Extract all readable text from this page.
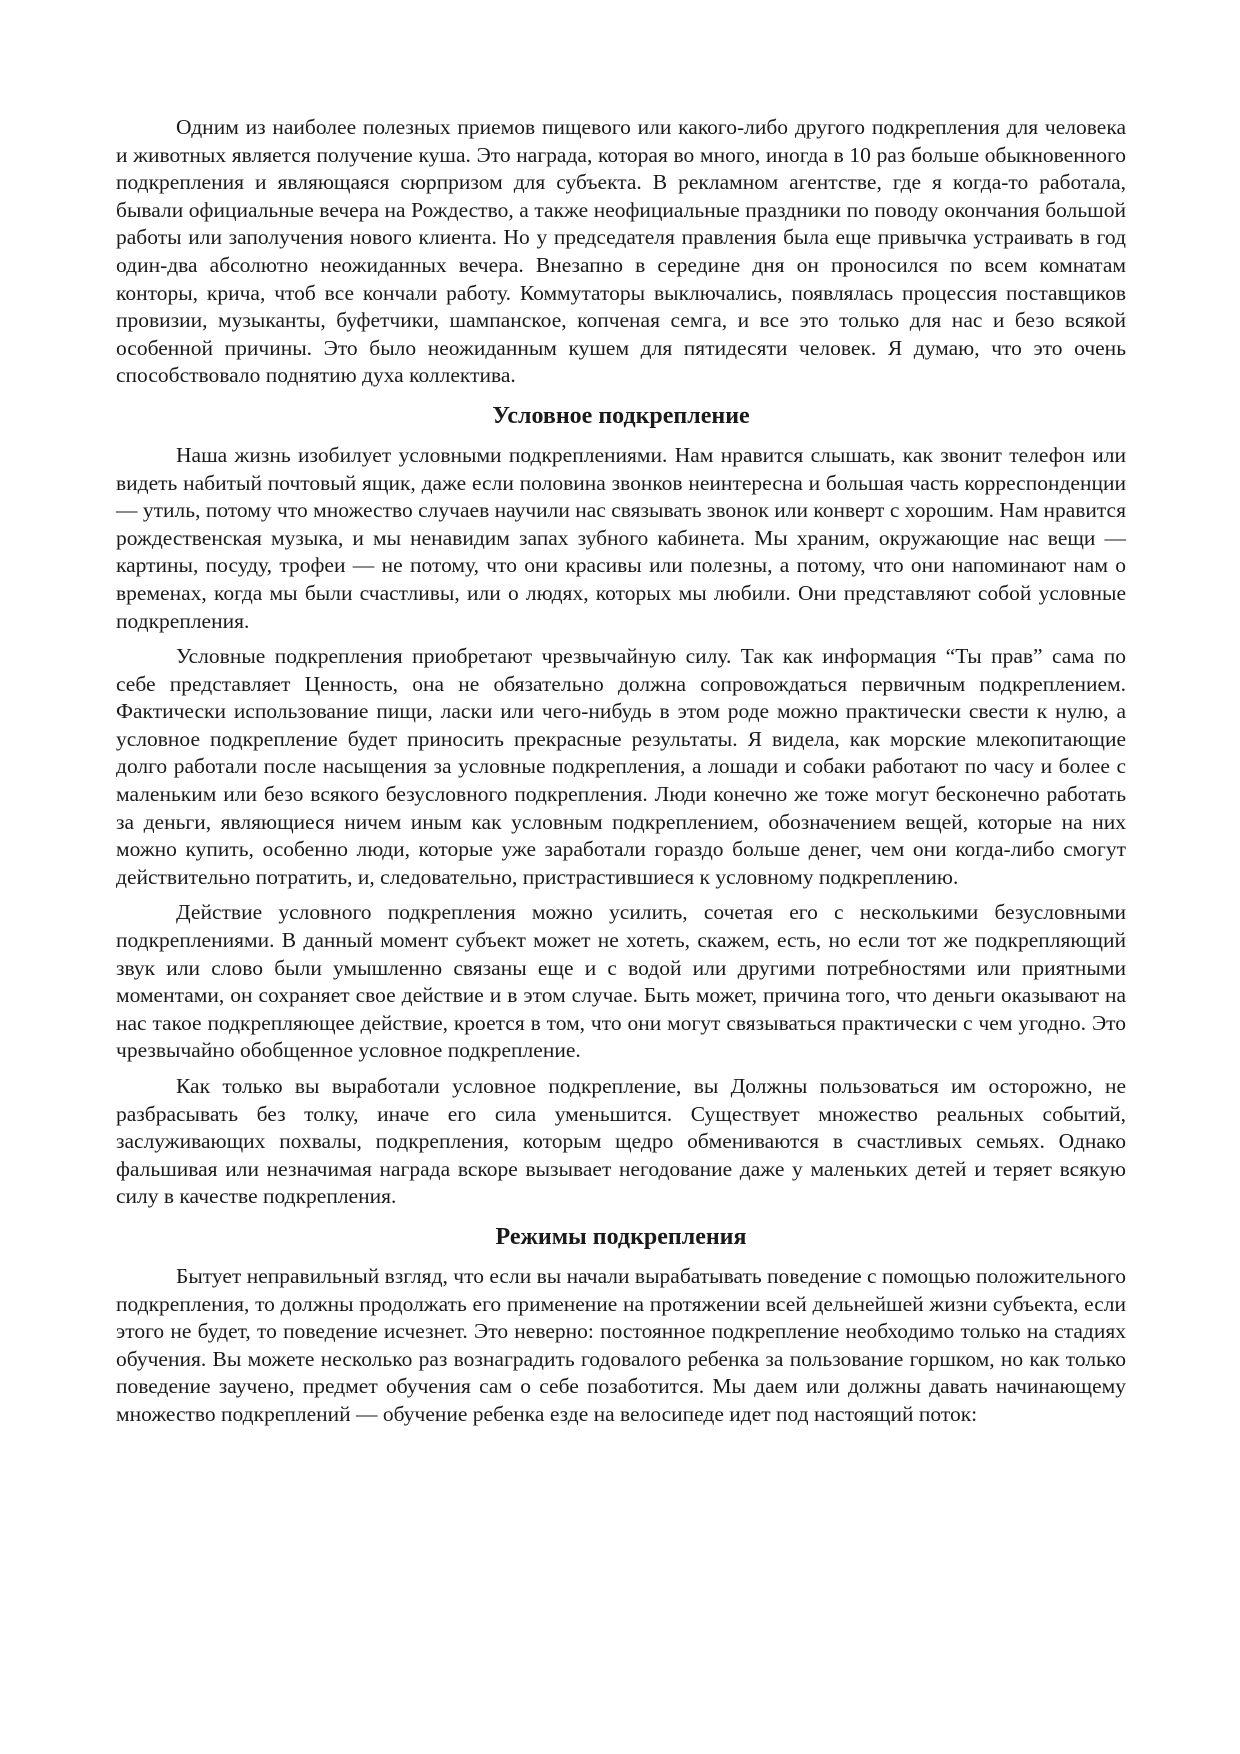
Одним из наиболее полезных приемов пищевого или какого-либо другого подкрепления для человека и животных является получение куша. Это награда, которая во много, иногда в 10 раз больше обыкновенного подкрепления и являющаяся сюрпризом для субъекта. В рекламном агентстве, где я когда-то работала, бывали официальные вечера на Рождество, а также неофициальные праздники по поводу окончания большой работы или заполучения нового клиента. Но у председателя правления была еще привычка устраивать в год один-два абсолютно неожиданных вечера. Внезапно в середине дня он проносился по всем комнатам конторы, крича, чтоб все кончали работу. Коммутаторы выключались, появлялась процессия поставщиков провизии, музыканты, буфетчики, шампанское, копченая семга, и все это только для нас и безо всякой особенной причины. Это было неожиданным кушем для пятидесяти человек. Я думаю, что это очень способствовало поднятию духа коллектива.

Условное подкрепление

Наша жизнь изобилует условными подкреплениями. Нам нравится слышать, как звонит телефон или видеть набитый почтовый ящик, даже если половина звонков неинтересна и большая часть корреспонденции — утиль, потому что множество случаев научили нас связывать звонок или конверт с хорошим. Нам нравится рождественская музыка, и мы ненавидим запах зубного кабинета. Мы храним, окружающие нас вещи — картины, посуду, трофеи — не потому, что они красивы или полезны, а потому, что они напоминают нам о временах, когда мы были счастливы, или о людях, которых мы любили. Они представляют собой условные подкрепления.

Условные подкрепления приобретают чрезвычайную силу. Так как информация “Ты прав” сама по себе представляет Ценность, она не обязательно должна сопровождаться первичным подкреплением. Фактически использование пищи, ласки или чего-нибудь в этом роде можно практически свести к нулю, а условное подкрепление будет приносить прекрасные результаты. Я видела, как морские млекопитающие долго работали после насыщения за условные подкрепления, а лошади и собаки работают по часу и более с маленьким или безо всякого безусловного подкрепления. Люди конечно же тоже могут бесконечно работать за деньги, являющиеся ничем иным как условным подкреплением, обозначением вещей, которые на них можно купить, особенно люди, которые уже заработали гораздо больше денег, чем они когда-либо смогут действительно потратить, и, следовательно, пристрастившиеся к условному подкреплению.

Действие условного подкрепления можно усилить, сочетая его с несколькими безусловными подкреплениями. В данный момент субъект может не хотеть, скажем, есть, но если тот же подкрепляющий звук или слово были умышленно связаны еще и с водой или другими потребностями или приятными моментами, он сохраняет свое действие и в этом случае. Быть может, причина того, что деньги оказывают на нас такое подкрепляющее действие, кроется в том, что они могут связываться практически с чем угодно. Это чрезвычайно обобщенное условное подкрепление.

Как только вы выработали условное подкрепление, вы Должны пользоваться им осторожно, не разбрасывать без толку, иначе его сила уменьшится. Существует множество реальных событий, заслуживающих похвалы, подкрепления, которым щедро обмениваются в счастливых семьях. Однако фальшивая или незначимая награда вскоре вызывает негодование даже у маленьких детей и теряет всякую силу в качестве подкрепления.

Режимы подкрепления

Бытует неправильный взгляд, что если вы начали вырабатывать поведение с помощью положительного подкрепления, то должны продолжать его применение на протяжении всей дельнейшей жизни субъекта, если этого не будет, то поведение исчезнет. Это неверно: постоянное подкрепление необходимо только на стадиях обучения. Вы можете несколько раз вознаградить годовалого ребенка за пользование горшком, но как только поведение заучено, предмет обучения сам о себе позаботится. Мы даем или должны давать начинающему множество подкреплений — обучение ребенка езде на велосипеде идет под настоящий поток:
